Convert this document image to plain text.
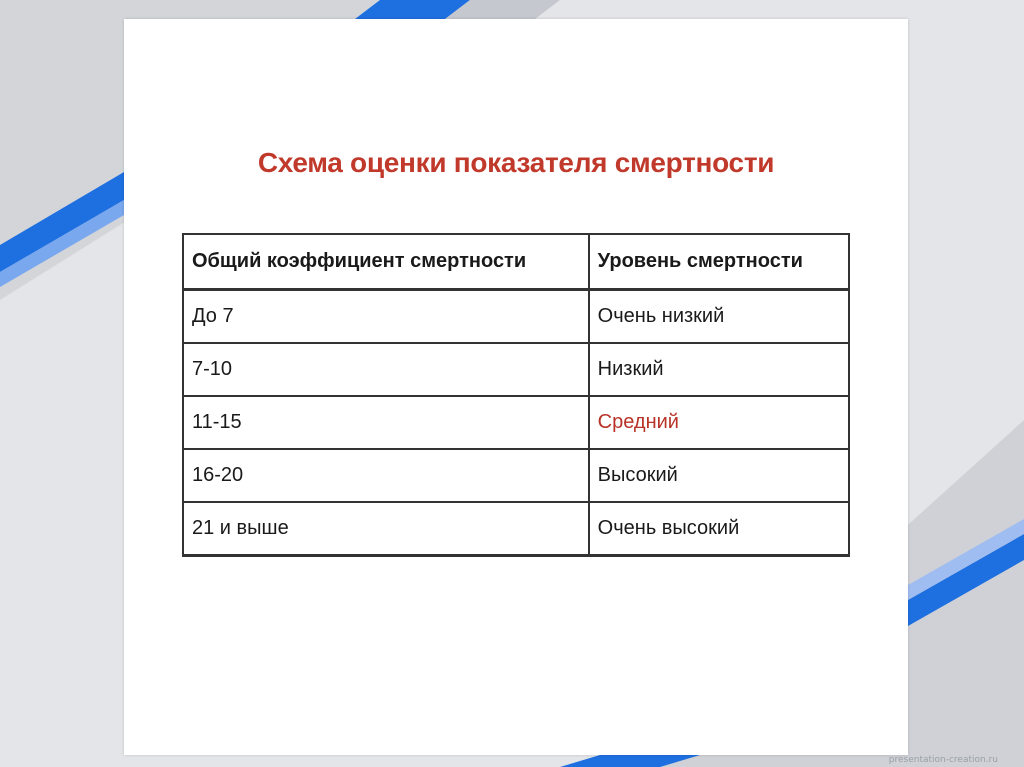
Схема оценки показателя смертности
Общий коэффициент смертности	Уровень смертности
До 7	Очень низкий
7-10	Низкий
11-15	Средний
16-20	Высокий
21 и выше	Очень высокий
presentation-creation.ru
